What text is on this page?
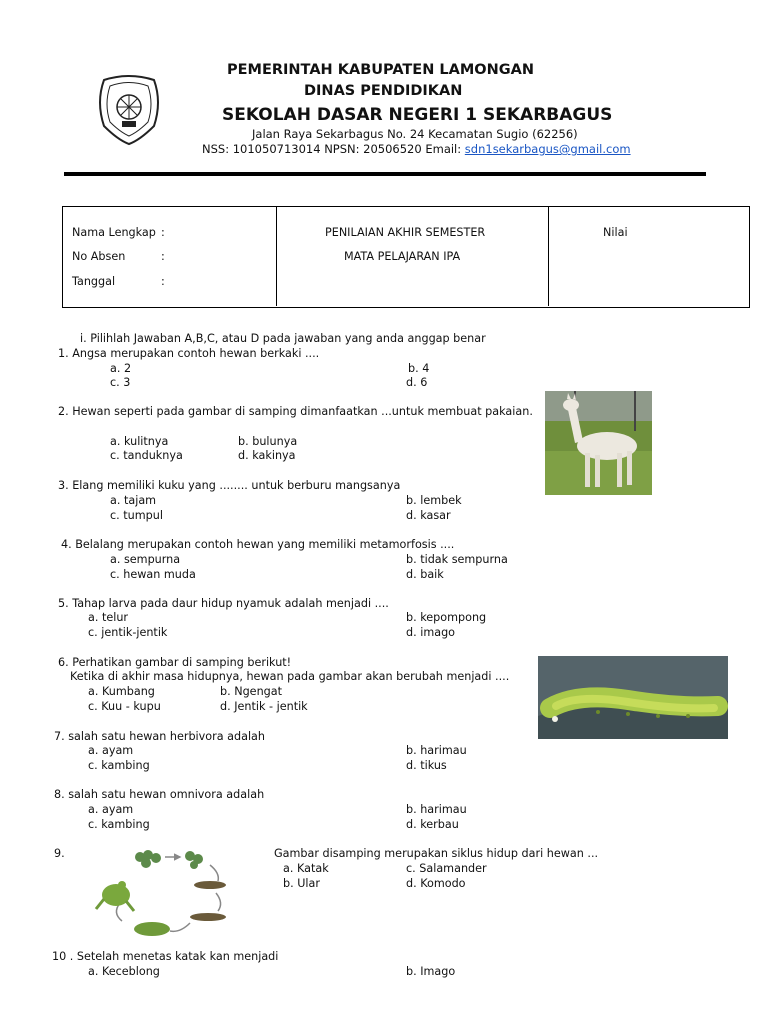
PEMERINTAH KABUPATEN LAMONGAN
DINAS PENDIDIKAN
SEKOLAH DASAR NEGERI 1 SEKARBAGUS
Jalan Raya Sekarbagus No. 24 Kecamatan Sugio (62256)
NSS: 101050713014 NPSN: 20506520 Email: sdn1sekarbagus@gmail.com
Nama Lengkap :
No Absen	:
Tanggal	:
PENILAIAN AKHIR SEMESTER
MATA PELAJARAN IPA
Nilai
i. Pilihlah Jawaban A,B,C, atau D pada jawaban yang anda anggap benar
1. Angsa merupakan contoh hewan berkaki ....
a. 2	b. 4
c. 3	d. 6
2. Hewan seperti pada gambar di samping dimanfaatkan ...untuk membuat pakaian.
a. kulitnya	b. bulunya
c. tanduknya	d. kakinya
3. Elang memiliki kuku yang ........ untuk berburu mangsanya
a. tajam	b. lembek
c. tumpul	d. kasar
4. Belalang merupakan contoh hewan yang memiliki metamorfosis ....
a. sempurna	b. tidak sempurna
c. hewan muda	d. baik
5. Tahap larva pada daur hidup nyamuk adalah menjadi ....
a. telur	b. kepompong
c. jentik-jentik	d. imago
6. Perhatikan gambar di samping berikut!
Ketika di akhir masa hidupnya, hewan pada gambar akan berubah menjadi ....
a. Kumbang	b. Ngengat
c. Kuu - kupu	d. Jentik - jentik
7. salah satu hewan herbivora adalah
a. ayam	b. harimau
c. kambing	d. tikus
8. salah satu hewan omnivora adalah
a. ayam	b. harimau
c. kambing	d. kerbau
9.	Gambar disamping merupakan siklus hidup dari hewan ...
a. Katak	c. Salamander
b. Ular	d. Komodo
10 . Setelah menetas katak kan menjadi
a. Keceblong	b. Imago
